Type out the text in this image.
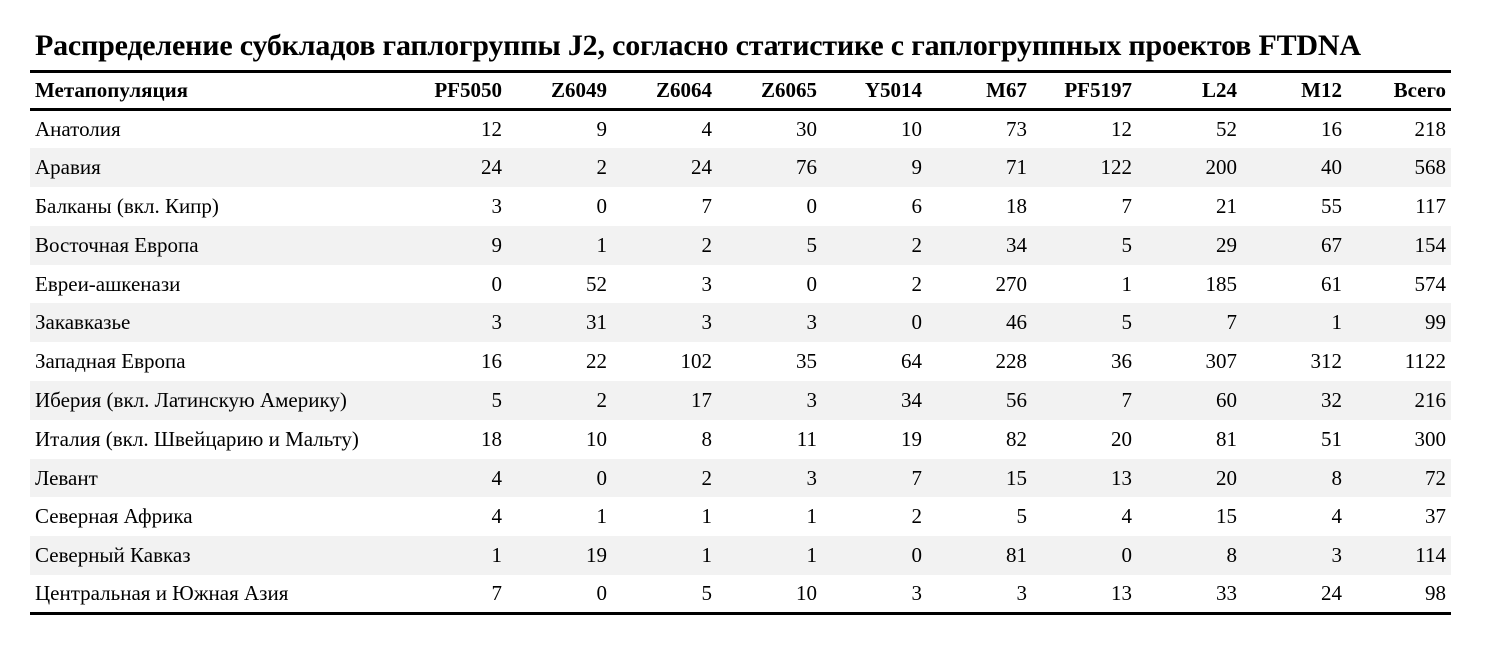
Распределение субкладов гаплогруппы J2, согласно статистике с гаплогруппных проектов FTDNA
Метапопуляция	PF5050	Z6049	Z6064	Z6065	Y5014	M67	PF5197	L24	M12	Всего
Анатолия	12	9	4	30	10	73	12	52	16	218
Аравия	24	2	24	76	9	71	122	200	40	568
Балканы (вкл. Кипр)	3	0	7	0	6	18	7	21	55	117
Восточная Европа	9	1	2	5	2	34	5	29	67	154
Евреи-ашкенази	0	52	3	0	2	270	1	185	61	574
Закавказье	3	31	3	3	0	46	5	7	1	99
Западная Европа	16	22	102	35	64	228	36	307	312	1122
Иберия (вкл. Латинскую Америку)	5	2	17	3	34	56	7	60	32	216
Италия (вкл. Швейцарию и Мальту)	18	10	8	11	19	82	20	81	51	300
Левант	4	0	2	3	7	15	13	20	8	72
Северная Африка	4	1	1	1	2	5	4	15	4	37
Северный Кавказ	1	19	1	1	0	81	0	8	3	114
Центральная и Южная Азия	7	0	5	10	3	3	13	33	24	98
